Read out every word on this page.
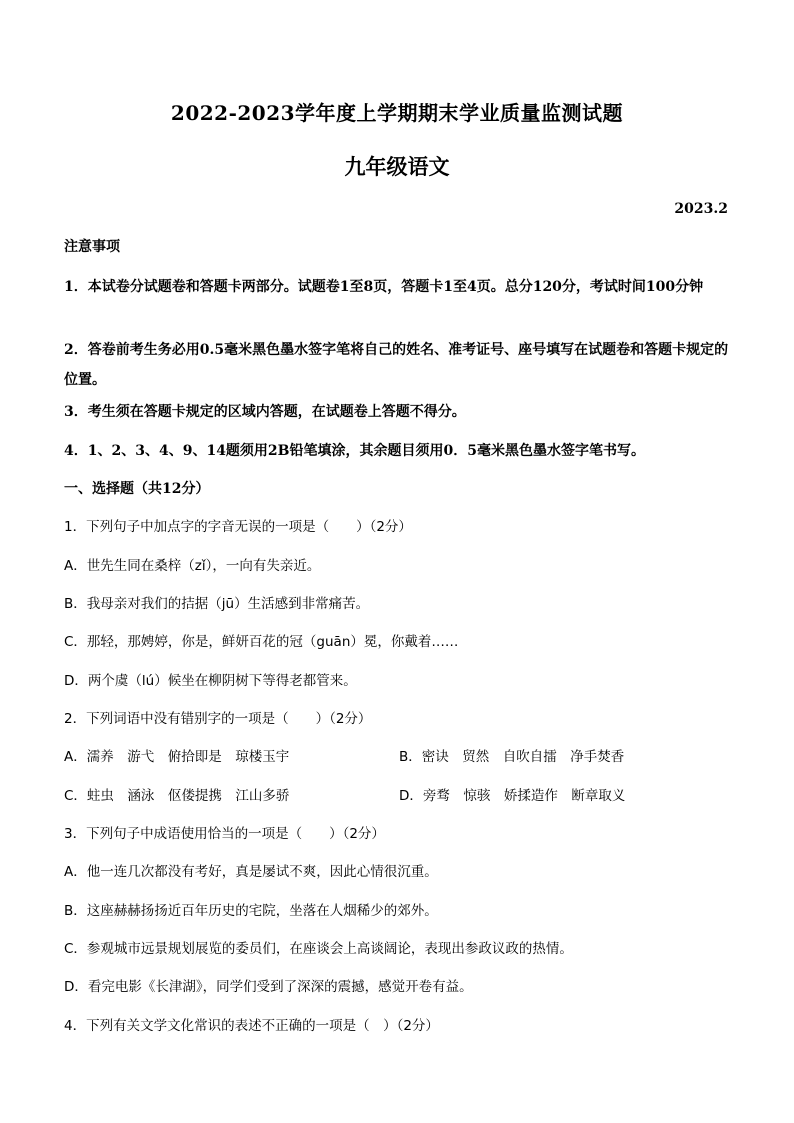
2022-2023学年度上学期期末学业质量监测试题
九年级语文
2023.2
注意事项
1．本试卷分试题卷和答题卡两部分。试题卷1至8页，答题卡1至4页。总分120分，考试时间100分钟
2．答卷前考生务必用0.5毫米黑色墨水签字笔将自己的姓名、准考证号、座号填写在试题卷和答题卡规定的位置。
3．考生须在答题卡规定的区域内答题，在试题卷上答题不得分。
4．1、2、3、4、9、14题须用2B铅笔填涂，其余题目须用0．5毫米黑色墨水签字笔书写。
一、选择题（共12分）
1．下列句子中加点字的字音无误的一项是（　　）（2分）
A．世先生同在桑梓（zǐ），一向有失亲近。
B．我母亲对我们的拮据（jū）生活感到非常痛苦。
C．那轻，那娉婷，你是，鲜妍百花的冠（guān）冕，你戴着……
D．两个虞（lú）候坐在柳阴树下等得老都管来。
2．下列词语中没有错别字的一项是（　　）（2分）
A．濡养　游弋　俯拾即是　琼楼玉宇	B．密诀　贸然　自吹自擂　净手焚香
C．蛀虫　涵泳　伛偻提携　江山多骄	D．旁骛　惊骇　娇揉造作　断章取义
3．下列句子中成语使用恰当的一项是（　　）（2分）
A．他一连几次都没有考好，真是屡试不爽，因此心情很沉重。
B．这座赫赫扬扬近百年历史的宅院，坐落在人烟稀少的郊外。
C．参观城市远景规划展览的委员们，在座谈会上高谈阔论，表现出参政议政的热情。
D．看完电影《长津湖》，同学们受到了深深的震撼，感觉开卷有益。
4．下列有关文学文化常识的表述不正确的一项是（　）（2分）
